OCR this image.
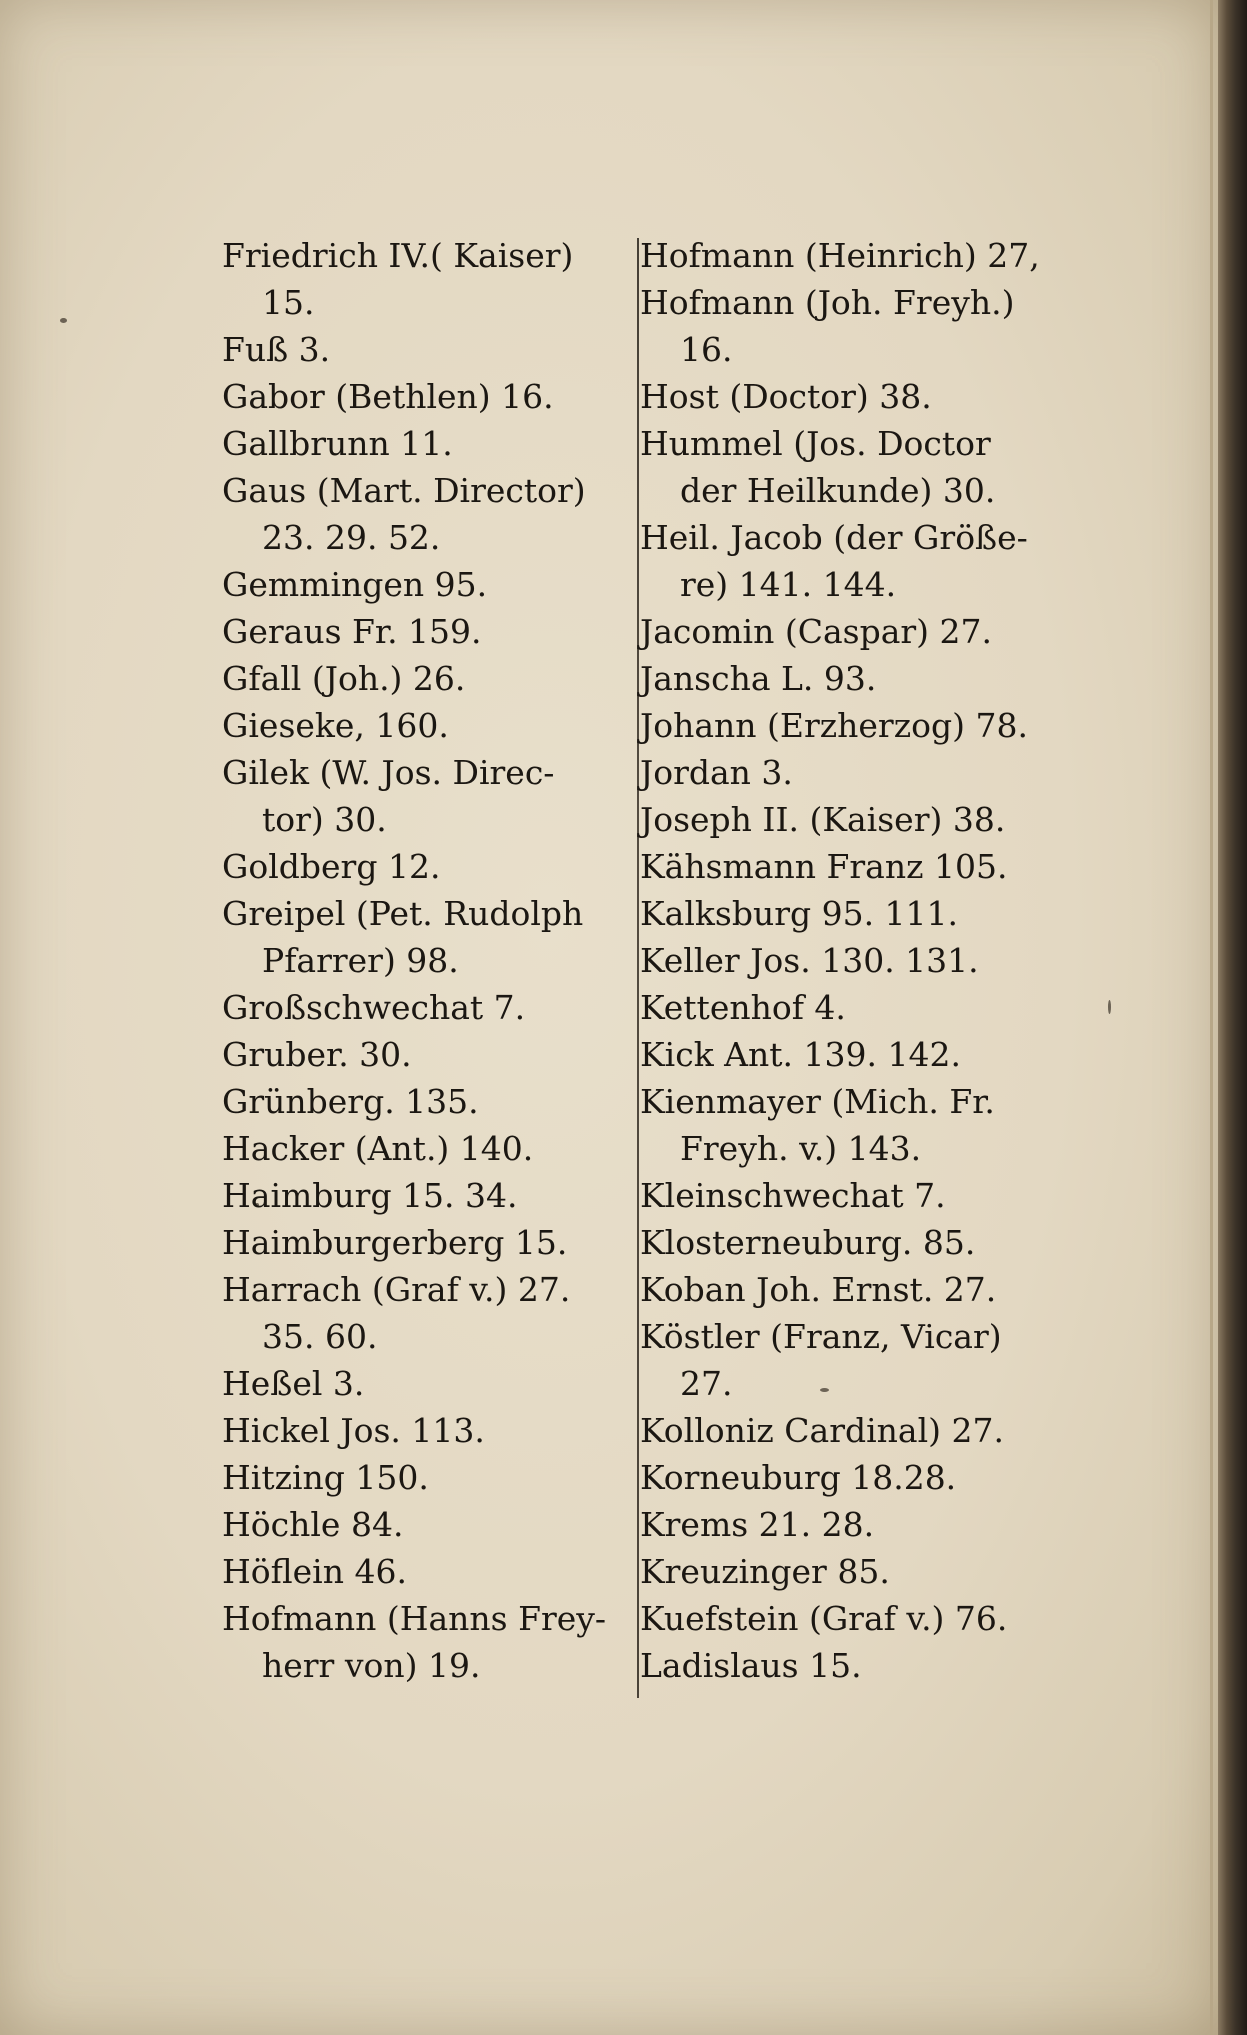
Friedrich IV.( Kaiser)
15.
Fuß 3.
Gabor (Bethlen) 16.
Gallbrunn 11.
Gaus (Mart. Director)
23. 29. 52.
Gemmingen 95.
Geraus Fr. 159.
Gfall (Joh.) 26.
Gieseke, 160.
Gilek (W. Jos. Direc-
tor) 30.
Goldberg 12.
Greipel (Pet. Rudolph
Pfarrer) 98.
Großschwechat 7.
Gruber. 30.
Grünberg. 135.
Hacker (Ant.) 140.
Haimburg 15. 34.
Haimburgerberg 15.
Harrach (Graf v.) 27.
35. 60.
Heßel 3.
Hickel Jos. 113.
Hitzing 150.
Höchle 84.
Höflein 46.
Hofmann (Hanns Frey-
herr von) 19.
Hofmann (Heinrich) 27,
Hofmann (Joh. Freyh.)
16.
Host (Doctor) 38.
Hummel (Jos. Doctor
der Heilkunde) 30.
Heil. Jacob (der Größe-
re) 141. 144.
Jacomin (Caspar) 27.
Janscha L. 93.
Johann (Erzherzog) 78.
Jordan 3.
Joseph II. (Kaiser) 38.
Kähsmann Franz 105.
Kalksburg 95. 111.
Keller Jos. 130. 131.
Kettenhof 4.
Kick Ant. 139. 142.
Kienmayer (Mich. Fr.
Freyh. v.) 143.
Kleinschwechat 7.
Klosterneuburg. 85.
Koban Joh. Ernst. 27.
Köstler (Franz, Vicar)
27.
Kolloniz Cardinal) 27.
Korneuburg 18.28.
Krems 21. 28.
Kreuzinger 85.
Kuefstein (Graf v.) 76.
Ladislaus 15.
